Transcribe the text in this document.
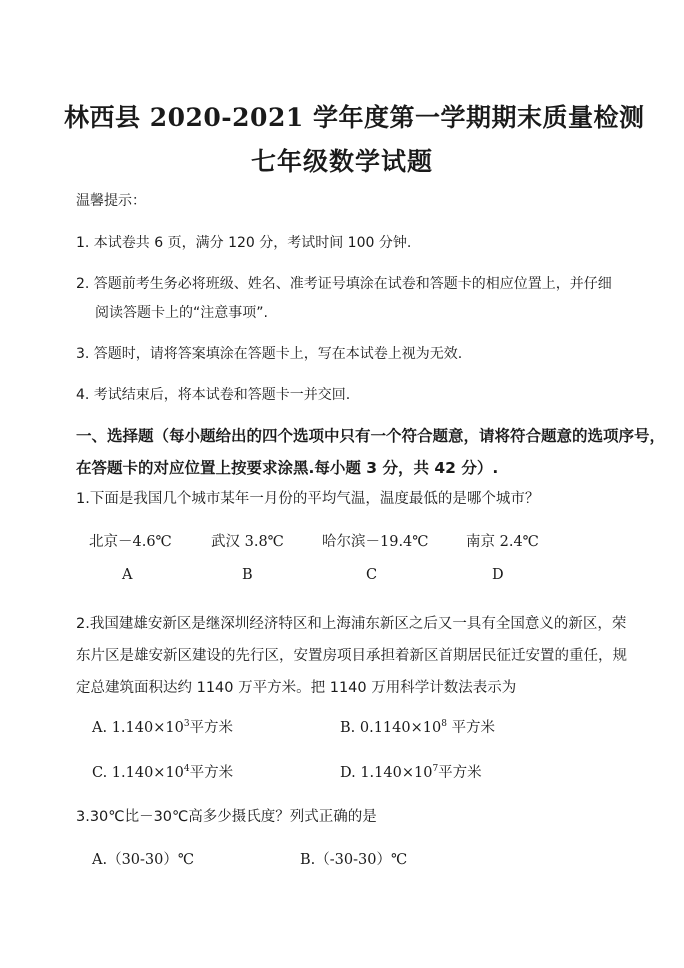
林西县 2020-2021 学年度第一学期期末质量检测
七年级数学试题
温馨提示：
1. 本试卷共 6 页，满分 120 分，考试时间 100 分钟.
2. 答题前考生务必将班级、姓名、准考证号填涂在试卷和答题卡的相应位置上，并仔细
阅读答题卡上的“注意事项”.
3. 答题时，请将答案填涂在答题卡上，写在本试卷上视为无效.
4. 考试结束后，将本试卷和答题卡一并交回.
一、选择题（每小题给出的四个选项中只有一个符合题意，请将符合题意的选项序号，
在答题卡的对应位置上按要求涂黑.每小题 3 分，共 42 分）.
1.下面是我国几个城市某年一月份的平均气温，温度最低的是哪个城市？
北京－4.6℃	武汉 3.8℃	哈尔滨－19.4℃	南京 2.4℃
A	B	C	D
2.我国建雄安新区是继深圳经济特区和上海浦东新区之后又一具有全国意义的新区，荣
东片区是雄安新区建设的先行区，安置房项目承担着新区首期居民征迁安置的重任，规
定总建筑面积达约 1140 万平方米。把 1140 万用科学计数法表示为
A. $1.140\times 10^3$平方米	B. $0.1140\times 10^8$ 平方米
C. $1.140\times 10^4$平方米	D. $1.140\times 10^7$平方米
3.30℃比－30℃高多少摄氏度？列式正确的是
A.（30-30）℃	B.（-30-30）℃
